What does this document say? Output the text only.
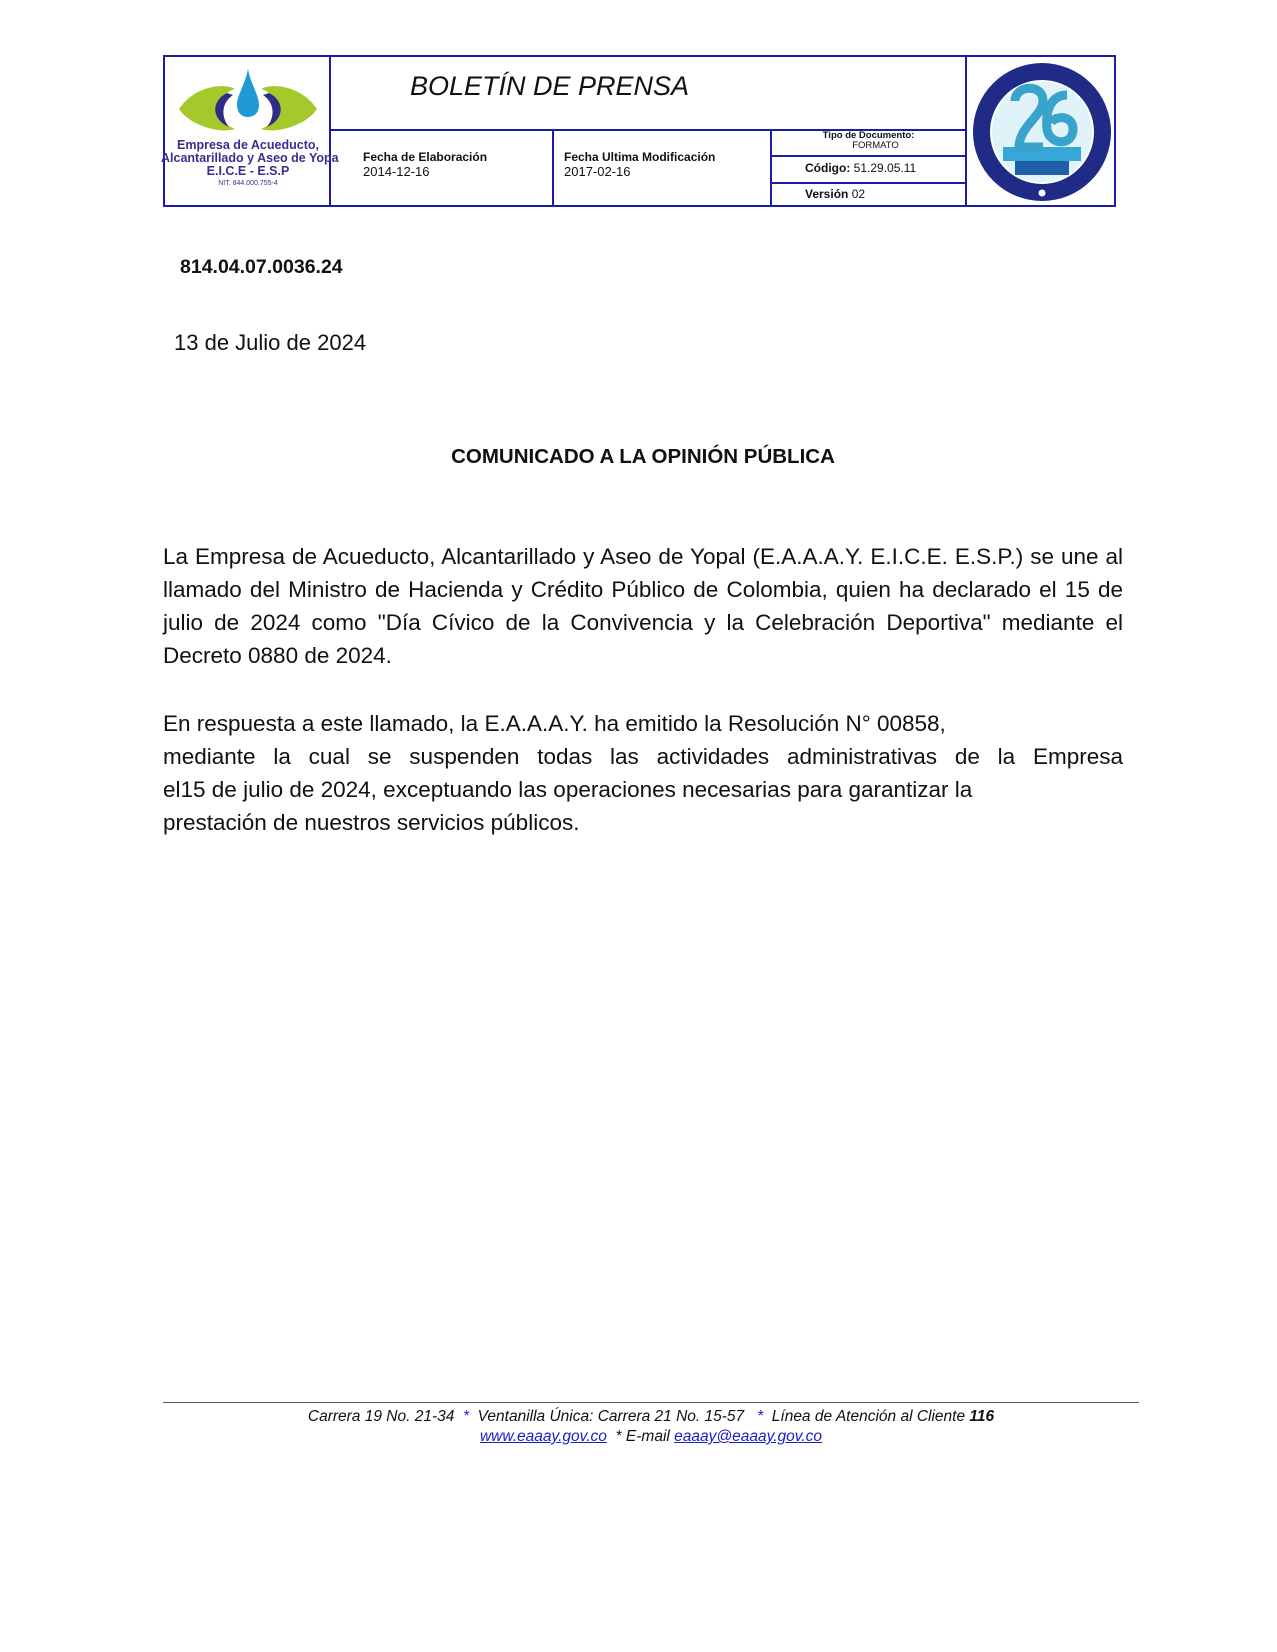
Empresa de Acueducto,
Alcantarillado y Aseo de Yopa
E.I.C.E - E.S.P
NIT. 844.000.755-4
BOLETÍN DE PRENSA
Fecha de Elaboración
2014-12-16
Fecha Ultima Modificación
2017-02-16
Tipo de Documento:
FORMATO
Código: 51.29.05.11
Versión 02
814.04.07.0036.24
13 de Julio de 2024
COMUNICADO A LA OPINIÓN PÚBLICA
La Empresa de Acueducto, Alcantarillado y Aseo de Yopal (E.A.A.A.Y. E.I.C.E. E.S.P.) se une al llamado del Ministro de Hacienda y Crédito Público de Colombia, quien ha declarado el 15 de julio de 2024 como "Día Cívico de la Convivencia y la Celebración Deportiva" mediante el Decreto 0880 de 2024.
En respuesta a este llamado, la E.A.A.A.Y. ha emitido la Resolución N° 00858,
mediante la cual se suspenden todas las actividades administrativas de la Empresa
el15 de julio de 2024, exceptuando las operaciones necesarias para garantizar la
prestación de nuestros servicios públicos.
Carrera 19 No. 21-34 * Ventanilla Única: Carrera 21 No. 15-57 * Línea de Atención al Cliente 116
www.eaaay.gov.co * E-mail eaaay@eaaay.gov.co
